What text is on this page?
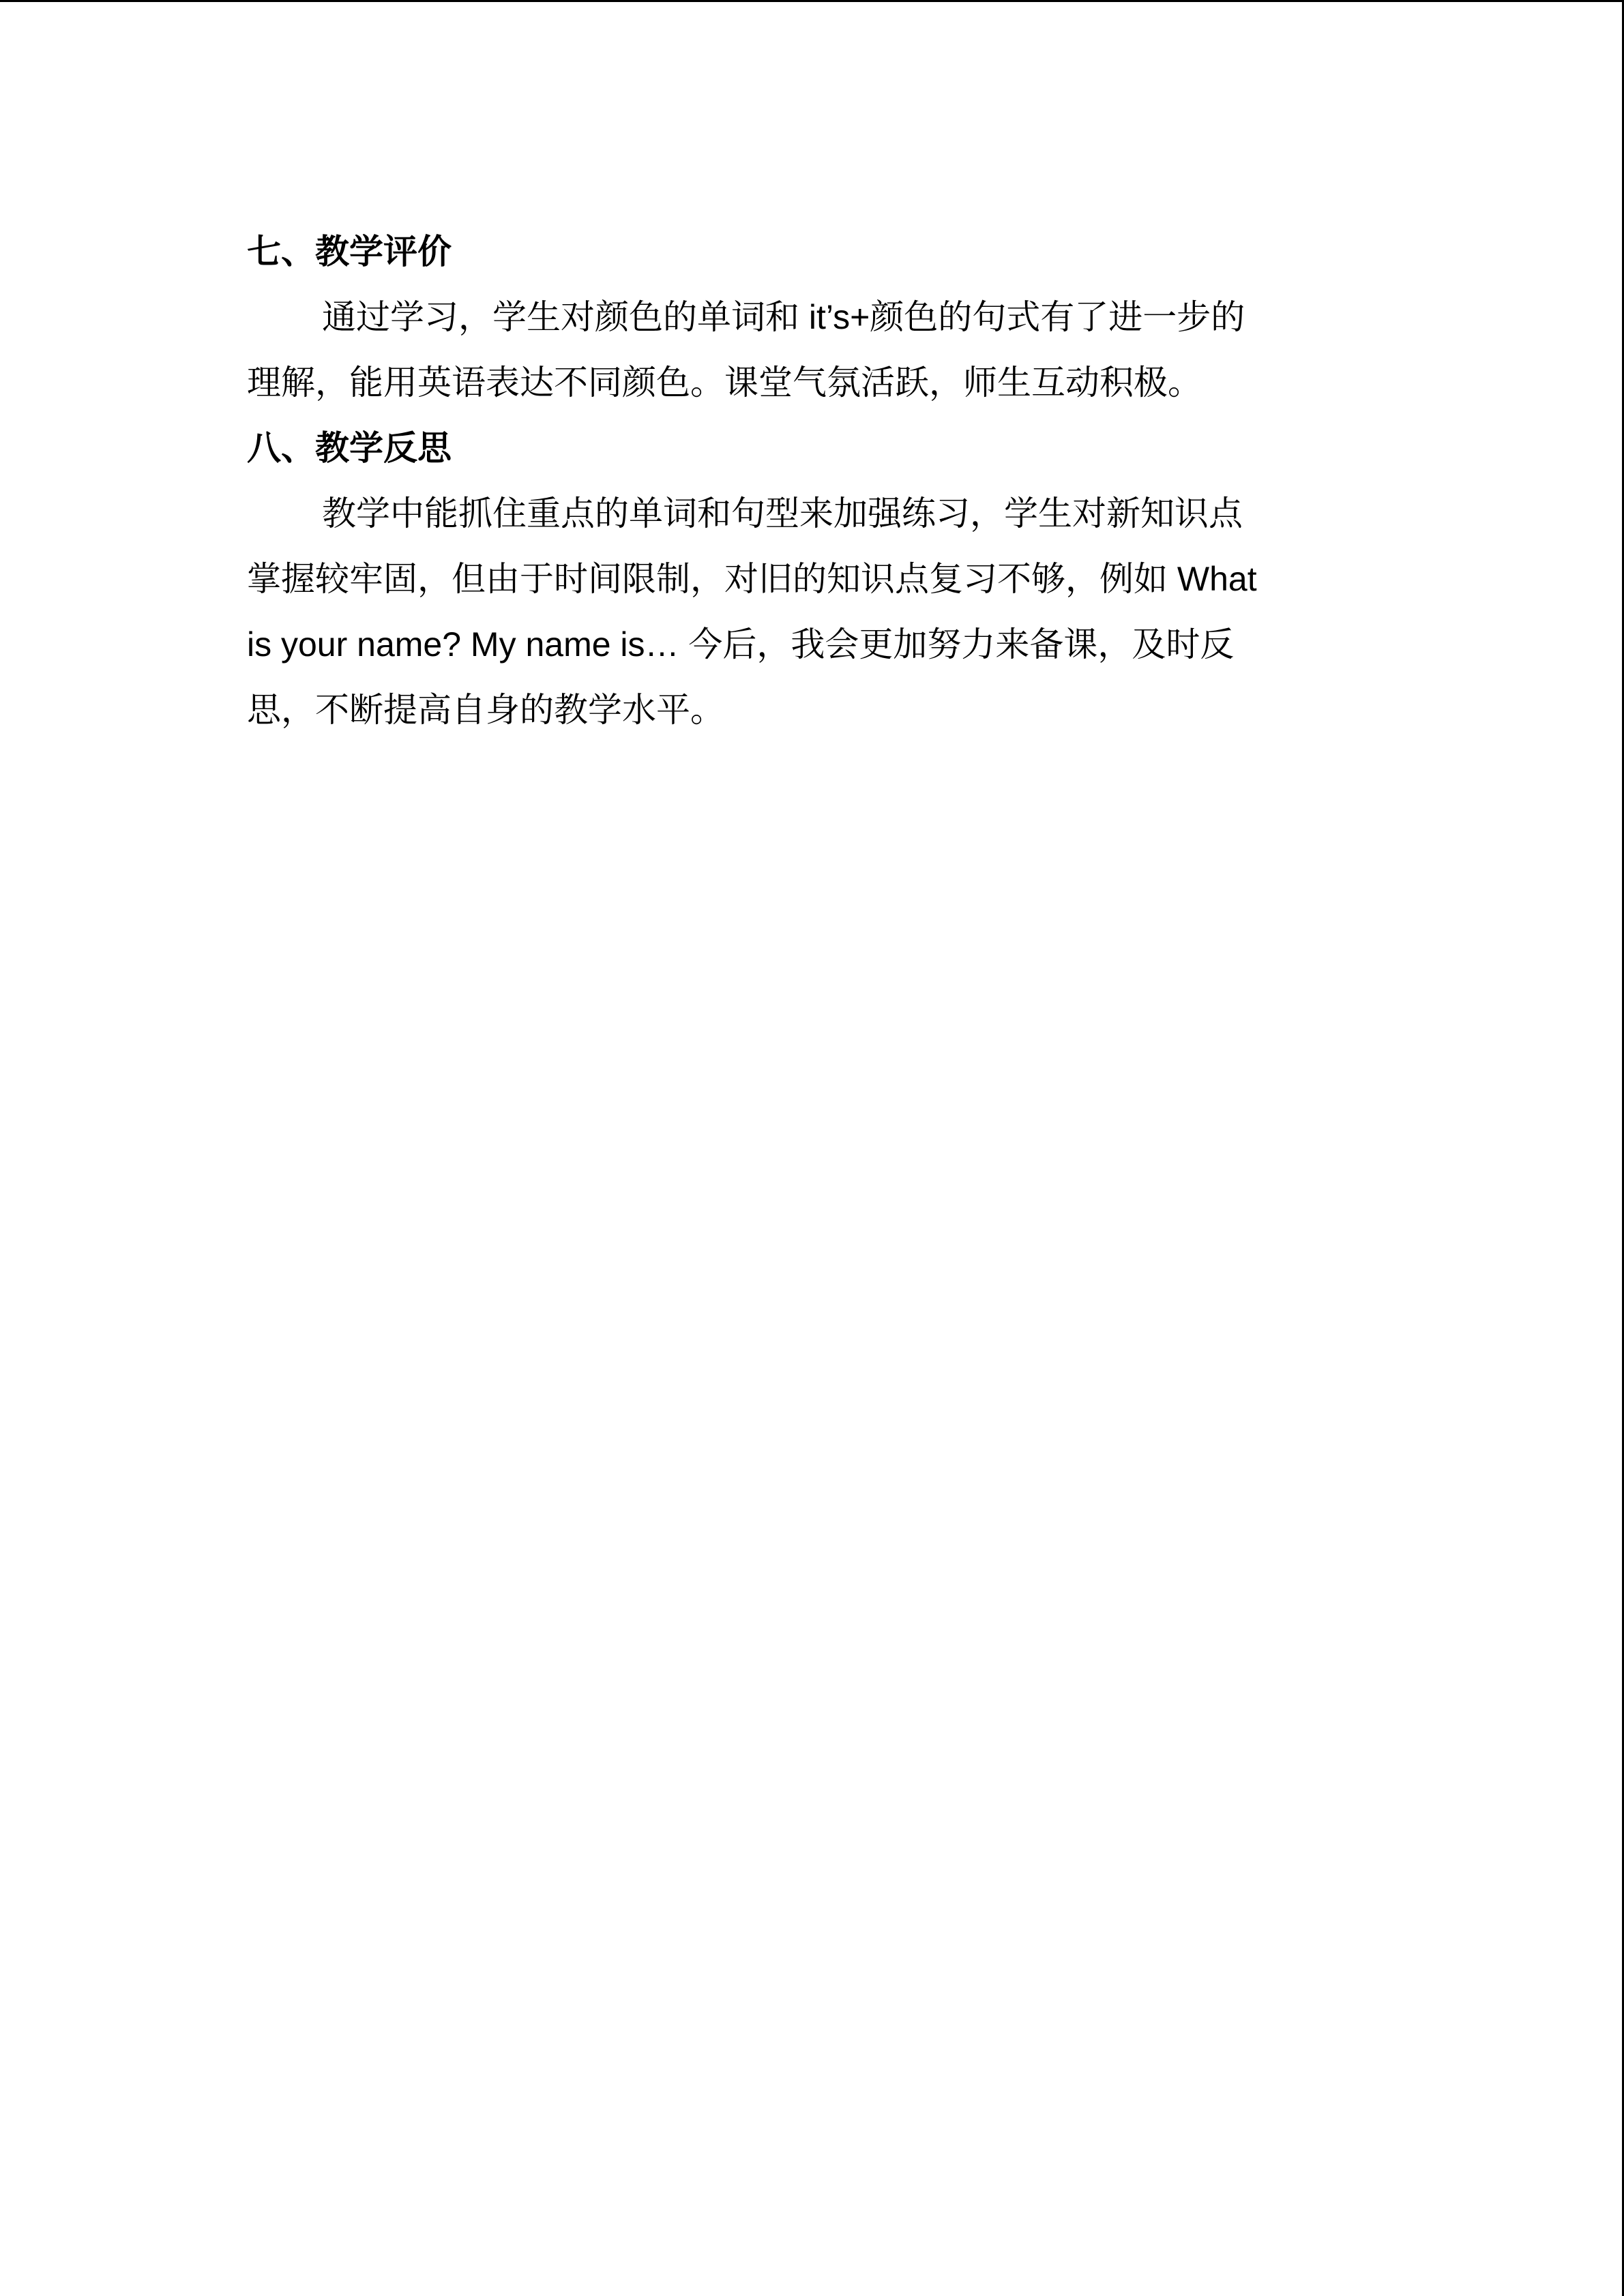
七、教学评价
通过学习，学生对颜色的单词和 it’s+颜色的句式有了进一步的
理解，能用英语表达不同颜色。课堂气氛活跃，师生互动积极。
八、教学反思
教学中能抓住重点的单词和句型来加强练习，学生对新知识点
掌握较牢固，但由于时间限制，对旧的知识点复习不够，例如 What
is your name? My name is… 今后，我会更加努力来备课，及时反
思，不断提高自身的教学水平。
